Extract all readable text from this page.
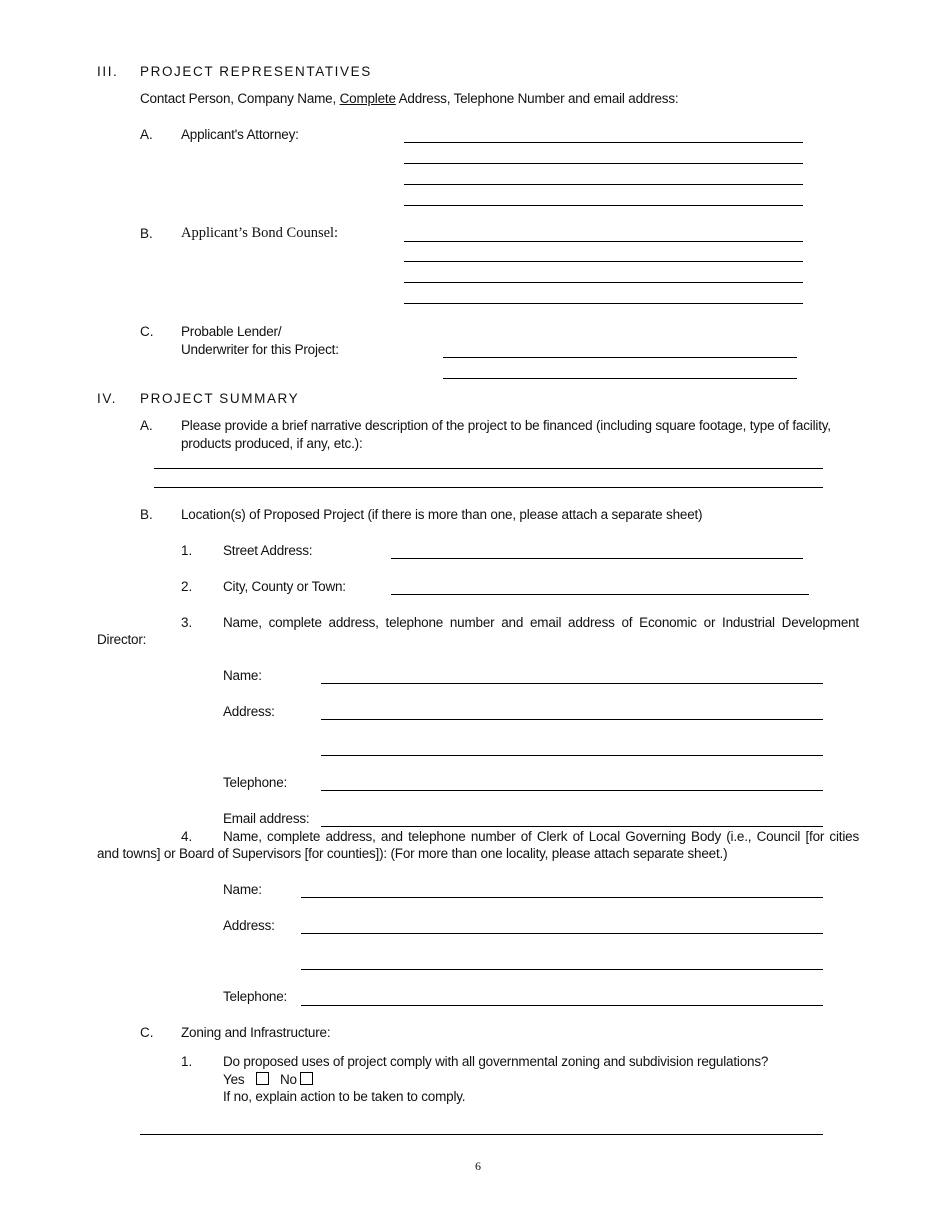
III. PROJECT REPRESENTATIVES
Contact Person, Company Name, Complete Address, Telephone Number and email address:
A. Applicant's Attorney:
B. Applicant’s Bond Counsel:
C. Probable Lender/
Underwriter for this Project:
IV. PROJECT SUMMARY
A. Please provide a brief narrative description of the project to be financed (including square footage, type of facility,
products produced, if any, etc.):
B. Location(s) of Proposed Project (if there is more than one, please attach a separate sheet)
1. Street Address:
2. City, County or Town:
3. Name, complete address, telephone number and email address of Economic or Industrial Development
Director:
Name:
Address:
Telephone:
Email address:
4. Name, complete address, and telephone number of Clerk of Local Governing Body (i.e., Council [for cities
and towns] or Board of Supervisors [for counties]): (For more than one locality, please attach separate sheet.)
Name:
Address:
Telephone:
C. Zoning and Infrastructure:
1. Do proposed uses of project comply with all governmental zoning and subdivision regulations?
Yes	No
If no, explain action to be taken to comply.
6
